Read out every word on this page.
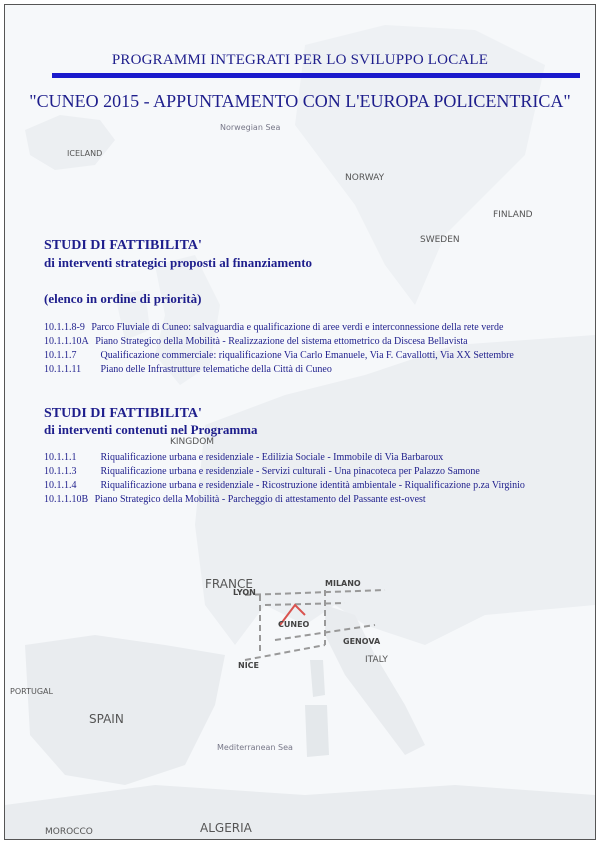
ICELAND
Norwegian Sea
NORWAY
SWEDEN
FINLAND
KINGDOM
FRANCE
PORTUGAL
SPAIN
ITALY
Mediterranean Sea
ALGERIA
MOROCCO
LYON
MILANO
CUNEO
GENOVA
NICE
PROGRAMMI INTEGRATI PER LO SVILUPPO LOCALE
"CUNEO 2015 - APPUNTAMENTO CON L'EUROPA POLICENTRICA"
STUDI DI FATTIBILITA'
di interventi strategici proposti al finanziamento
(elenco in ordine di priorità)
10.1.1.8-9 Parco Fluviale di Cuneo: salvaguardia e qualificazione di aree verdi e interconnessione della rete verde
10.1.1.10A Piano Strategico della Mobilità - Realizzazione del sistema ettometrico da Discesa Bellavista
10.1.1.7 Qualificazione commerciale: riqualificazione Via Carlo Emanuele, Via F. Cavallotti, Via XX Settembre
10.1.1.11 Piano delle Infrastrutture telematiche della Città di Cuneo
STUDI DI FATTIBILITA'
di interventi contenuti nel Programma
10.1.1.1 Riqualificazione urbana e residenziale - Edilizia Sociale - Immobile di Via Barbaroux
10.1.1.3 Riqualificazione urbana e residenziale - Servizi culturali - Una pinacoteca per Palazzo Samone
10.1.1.4 Riqualificazione urbana e residenziale - Ricostruzione identità ambientale - Riqualificazione p.za Virginio
10.1.1.10B Piano Strategico della Mobilità - Parcheggio di attestamento del Passante est-ovest
